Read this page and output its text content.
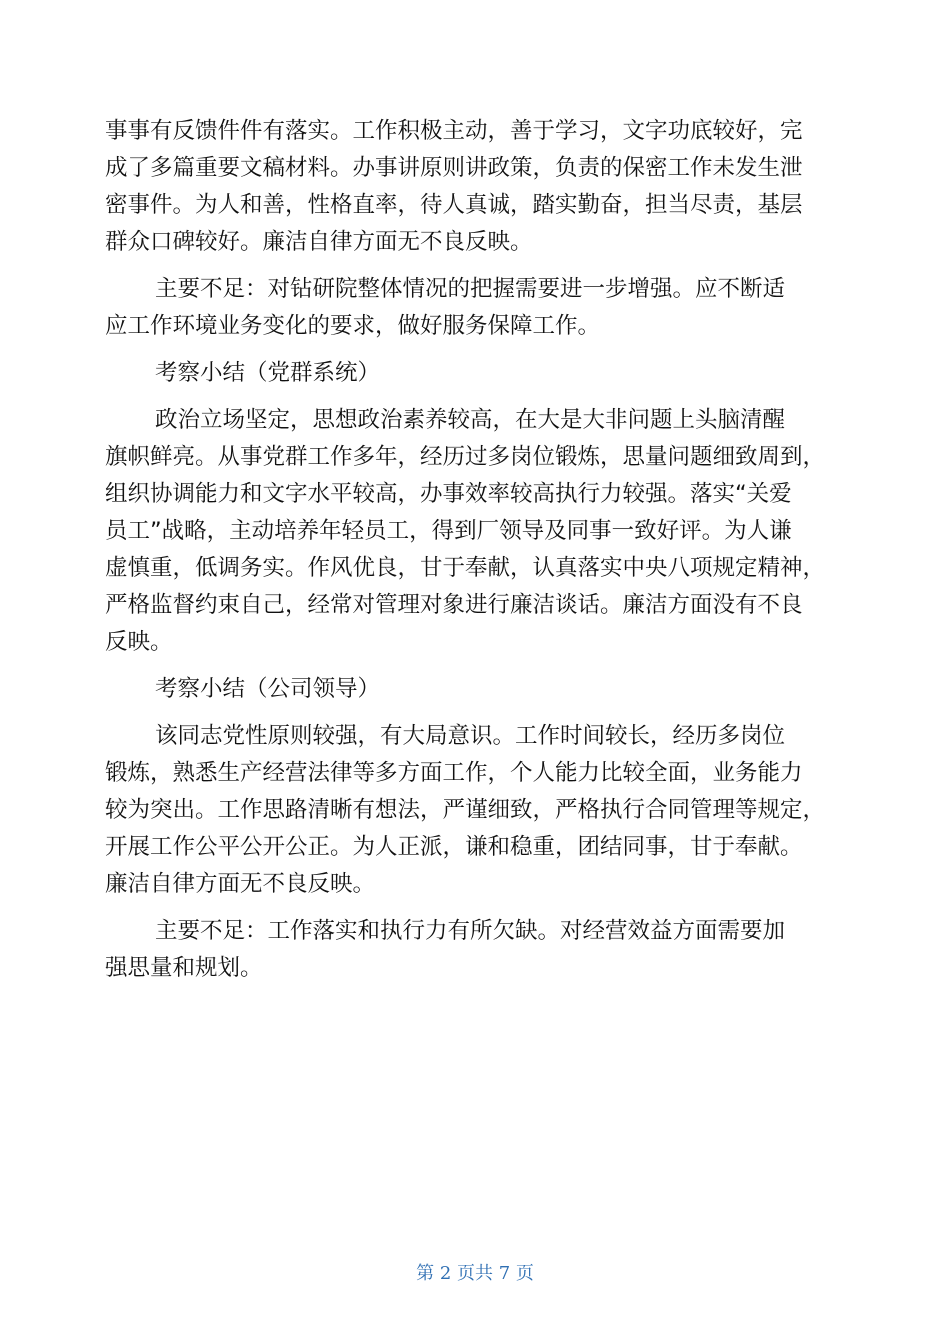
事事有反馈件件有落实。工作积极主动，善于学习，文字功底较好，完
成了多篇重要文稿材料。办事讲原则讲政策，负责的保密工作未发生泄
密事件。为人和善，性格直率，待人真诚，踏实勤奋，担当尽责，基层
群众口碑较好。廉洁自律方面无不良反映。
主要不足：对钻研院整体情况的把握需要进一步增强。应不断适
应工作环境业务变化的要求，做好服务保障工作。
考察小结（党群系统）
政治立场坚定，思想政治素养较高，在大是大非问题上头脑清醒
旗帜鲜亮。从事党群工作多年，经历过多岗位锻炼，思量问题细致周到，
组织协调能力和文字水平较高，办事效率较高执行力较强。落实“关爱
员工”战略，主动培养年轻员工，得到厂领导及同事一致好评。为人谦
虚慎重，低调务实。作风优良，甘于奉献，认真落实中央八项规定精神，
严格监督约束自己，经常对管理对象进行廉洁谈话。廉洁方面没有不良
反映。
考察小结（公司领导）
该同志党性原则较强，有大局意识。工作时间较长，经历多岗位
锻炼，熟悉生产经营法律等多方面工作，个人能力比较全面，业务能力
较为突出。工作思路清晰有想法，严谨细致，严格执行合同管理等规定，
开展工作公平公开公正。为人正派，谦和稳重，团结同事，甘于奉献。
廉洁自律方面无不良反映。
主要不足：工作落实和执行力有所欠缺。对经营效益方面需要加
强思量和规划。
第 2 页共 7 页
